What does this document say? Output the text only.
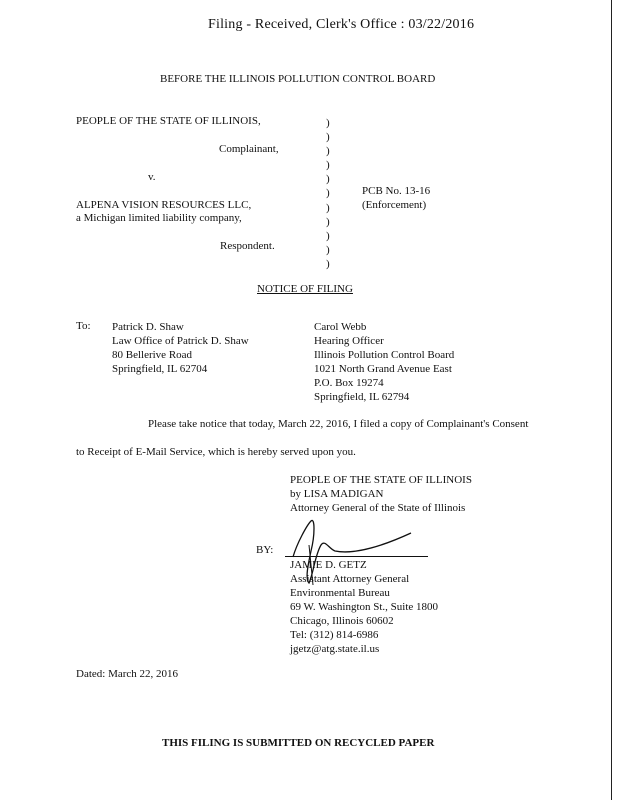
Filing - Received, Clerk's Office : 03/22/2016
BEFORE THE ILLINOIS POLLUTION CONTROL BOARD
PEOPLE OF THE STATE OF ILLINOIS,
Complainant,
v.
ALPENA VISION RESOURCES LLC,
a Michigan limited liability company,
Respondent.
)
)
)
)
)
)
)
)
)
)
)
PCB No. 13-16
(Enforcement)
NOTICE OF FILING
To: Patrick D. Shaw
Law Office of Patrick D. Shaw
80 Bellerive Road
Springfield, IL 62704
Carol Webb
Hearing Officer
Illinois Pollution Control Board
1021 North Grand Avenue East
P.O. Box 19274
Springfield, IL 62794
Please take notice that today, March 22, 2016, I filed a copy of Complainant's Consent
to Receipt of E-Mail Service, which is hereby served upon you.
PEOPLE OF THE STATE OF ILLINOIS
by LISA MADIGAN
Attorney General of the State of Illinois
BY:
JAMIE D. GETZ
Assistant Attorney General
Environmental Bureau
69 W. Washington St., Suite 1800
Chicago, Illinois 60602
Tel: (312) 814-6986
jgetz@atg.state.il.us
Dated: March 22, 2016
THIS FILING IS SUBMITTED ON RECYCLED PAPER
